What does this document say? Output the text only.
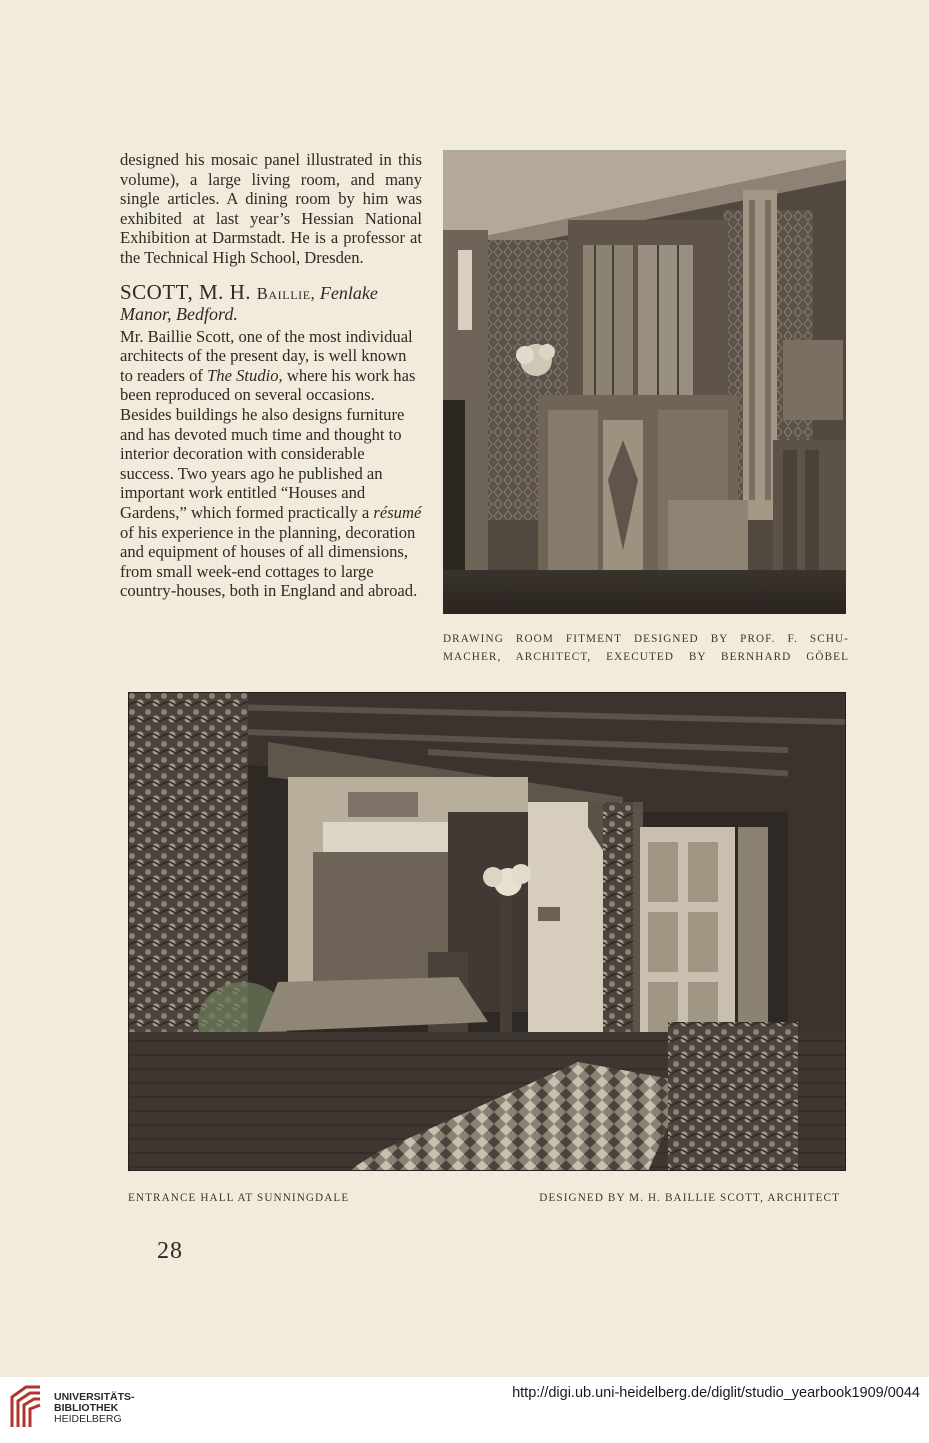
designed his mosaic panel illustrated in this volume), a large living room, and many single articles. A dining room by him was exhibited at last year’s Hessian National Exhibition at Darmstadt. He is a professor at the Technical High School, Dresden.

SCOTT, M. H. Baillie, Fenlake
Manor, Bedford.

Mr. Baillie Scott, one of the most individual architects of the present day, is well known to readers of The Studio, where his work has been reproduced on several occasions. Besides buildings he also designs furniture and has devoted much time and thought to interior decoration with considerable success. Two years ago he published an important work entitled “Houses and Gardens,” which formed practically a résumé of his experience in the planning, decoration and equipment of houses of all dimensions, from small week-end cottages to large country-houses, both in England and abroad.

DRAWING ROOM FITMENT DESIGNED BY PROF. F. SCHU-
MACHER, ARCHITECT, EXECUTED BY BERNHARD GÖBEL
ENTRANCE HALL AT SUNNINGDALE	DESIGNED BY M. H. BAILLIE SCOTT, ARCHITECT
28
UNIVERSITÄTS-
BIBLIOTHEK
HEIDELBERG
http://digi.ub.uni-heidelberg.de/diglit/studio_yearbook1909/0044
